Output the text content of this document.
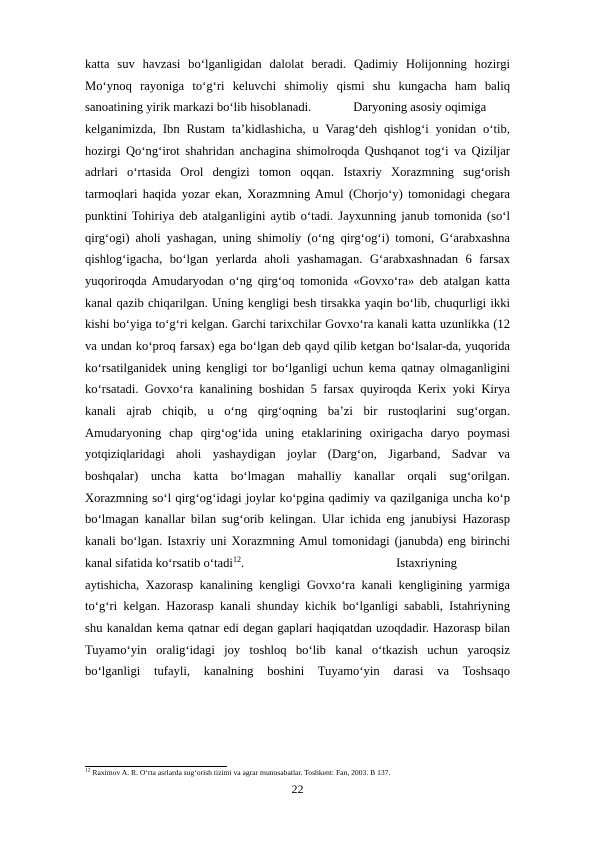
katta suv havzasi bo‘lganligidan dalolat beradi. Qadimiy Holijonning hozirgi
Mo‘ynoq rayoniga to‘g‘ri keluvchi shimoliy qismi shu kungacha ham baliq
sanoatining yirik markazi bo‘lib hisoblanadi.	Daryoning asosiy oqimiga
kelganimizda, Ibn Rustam ta’kidlashicha, u Varag‘deh qishlog‘i yonidan o‘tib,
hozirgi Qo‘ng‘irot shahridan anchagina shimolroqda Qushqanot tog‘i va Qiziljar
adrlari o‘rtasida Orol dengizi tomon oqqan. Istaxriy Xorazmning sug‘orish
tarmoqlari haqida yozar ekan, Xorazmning Amul (Chorjo‘y) tomonidagi chegara
punktini Tohiriya deb atalganligini aytib o‘tadi. Jayxunning janub tomonida (so‘l
qirg‘ogi) aholi yashagan, uning shimoliy (o‘ng qirg‘og‘i) tomoni, G‘arabxashna
qishlog‘igacha, bo‘lgan yerlarda aholi yashamagan. G‘arabxashnadan 6 farsax
yuqoriroqda Amudaryodan o‘ng qirg‘oq tomonida «Govxo‘ra» deb atalgan katta
kanal qazib chiqarilgan. Uning kengligi besh tirsakka yaqin bo‘lib, chuqurligi ikki
kishi bo‘yiga to‘g‘ri kelgan. Garchi tarixchilar Govxo‘ra kanali katta uzunlikka (12
va undan ko‘proq farsax) ega bo‘lgan deb qayd qilib ketgan bo‘lsalar-da, yuqorida
ko‘rsatilganidek uning kengligi tor bo‘lganligi uchun kema qatnay olmaganligini
ko‘rsatadi. Govxo‘ra kanalining boshidan 5 farsax quyiroqda Kerix yoki Kirya
kanali ajrab chiqib, u o‘ng qirg‘oqning ba’zi bir rustoqlarini sug‘organ.
Amudaryoning chap qirg‘og‘ida uning etaklarining oxirigacha daryo poymasi
yotqiziqlaridagi aholi yashaydigan joylar (Darg‘on, Jigarband, Sadvar va
boshqalar) uncha katta bo‘lmagan mahalliy kanallar orqali sug‘orilgan.
Xorazmning so‘l qirg‘og‘idagi joylar ko‘pgina qadimiy va qazilganiga uncha ko‘p
bo‘lmagan kanallar bilan sug‘orib kelingan. Ular ichida eng janubiysi Hazorasp
kanali bo‘lgan. Istaxriy uni Xorazmning Amul tomonidagi (janubda) eng birinchi
kanal sifatida ko‘rsatib o‘tadi$^{12}$.	Istaxriyning
aytishicha, Xazorasp kanalining kengligi Govxo‘ra kanali kengligining yarmiga
to‘g‘ri kelgan. Hazorasp kanali shunday kichik bo‘lganligi sababli, Istahriyning
shu kanaldan kema qatnar edi degan gaplari haqiqatdan uzoqdadir. Hazorasp bilan
Tuyamo‘yin oralig‘idagi joy toshloq bo‘lib kanal o‘tkazish uchun yaroqsiz
bo‘lganligi tufayli, kanalning boshini Tuyamo‘yin darasi va Toshsaqo
$^{12}$ Raximov A. R. O‘rta asrlarda sug‘orish tizimi va agrar munosabatlar. Toshkent: Fan, 2003. B 137.
22
